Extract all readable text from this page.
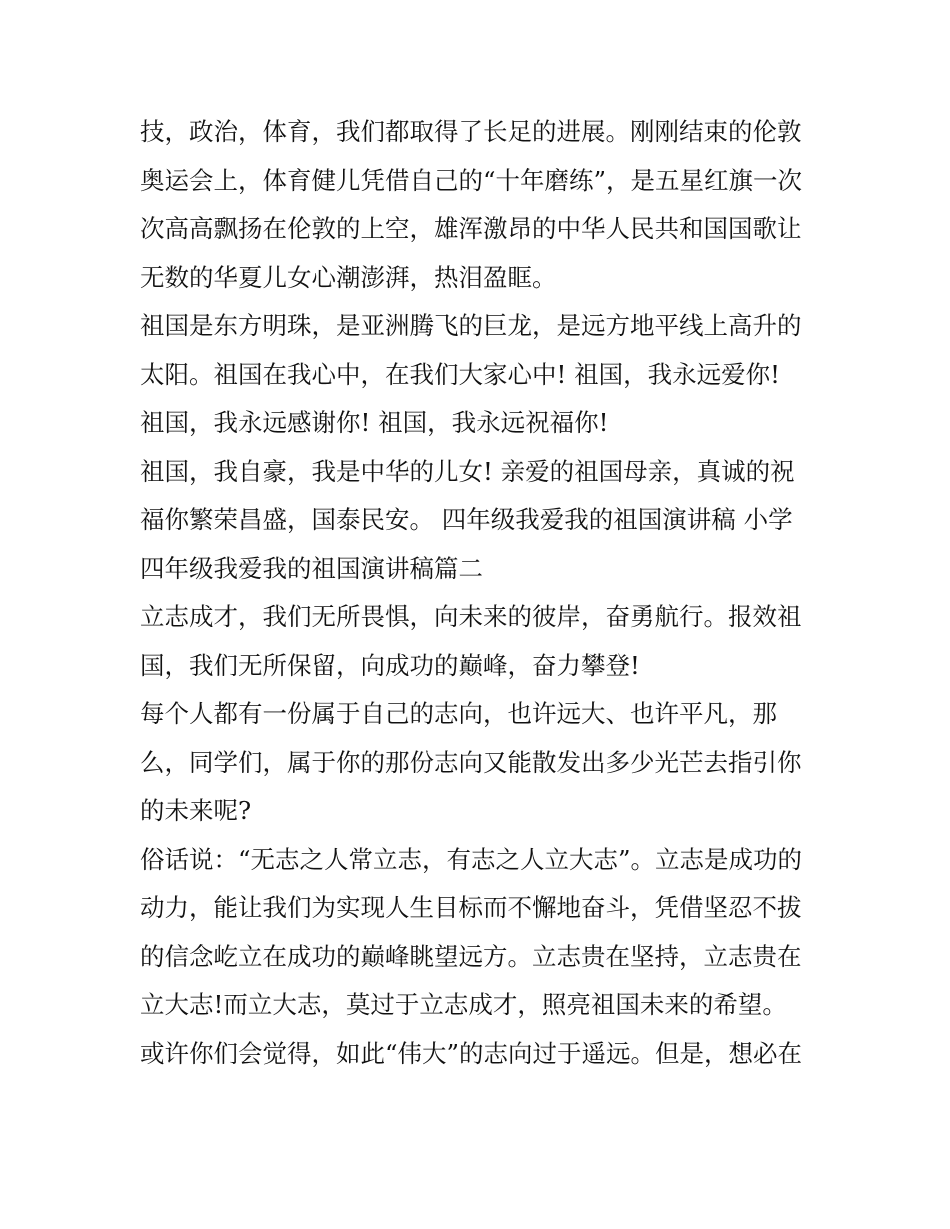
技，政治，体育，我们都取得了长足的进展。刚刚结束的伦敦
奥运会上，体育健儿凭借自己的“十年磨练”，是五星红旗一次
次高高飘扬在伦敦的上空，雄浑激昂的中华人民共和国国歌让
无数的华夏儿女心潮澎湃，热泪盈眶。
祖国是东方明珠，是亚洲腾飞的巨龙，是远方地平线上高升的
太阳。祖国在我心中，在我们大家心中! 祖国，我永远爱你!
祖国，我永远感谢你! 祖国，我永远祝福你!
祖国，我自豪，我是中华的儿女! 亲爱的祖国母亲，真诚的祝
福你繁荣昌盛，国泰民安。 四年级我爱我的祖国演讲稿 小学
四年级我爱我的祖国演讲稿篇二
立志成才，我们无所畏惧，向未来的彼岸，奋勇航行。报效祖
国，我们无所保留，向成功的巅峰，奋力攀登!
每个人都有一份属于自己的志向，也许远大、也许平凡，那
么，同学们，属于你的那份志向又能散发出多少光芒去指引你
的未来呢?
俗话说：“无志之人常立志，有志之人立大志”。立志是成功的
动力，能让我们为实现人生目标而不懈地奋斗，凭借坚忍不拔
的信念屹立在成功的巅峰眺望远方。立志贵在坚持，立志贵在
立大志!而立大志，莫过于立志成才，照亮祖国未来的希望。
或许你们会觉得，如此“伟大”的志向过于遥远。但是，想必在
